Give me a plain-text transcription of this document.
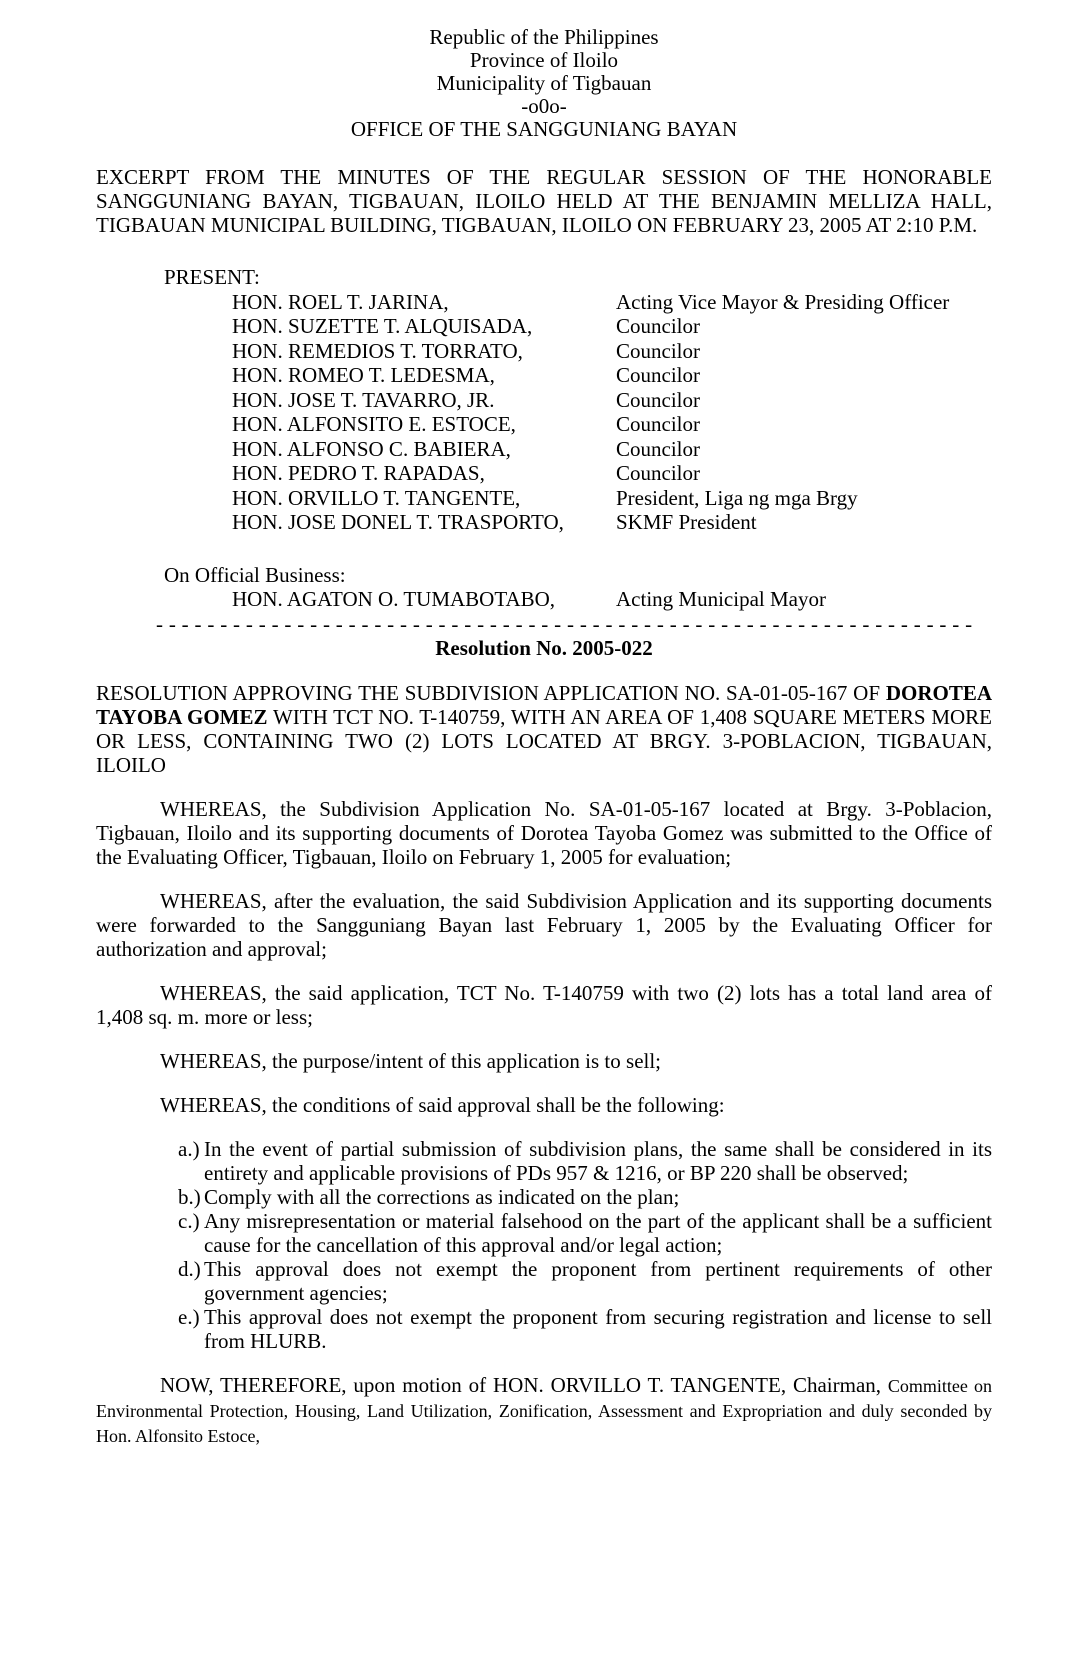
Republic of the Philippines
Province of Iloilo
Municipality of Tigbauan
-o0o-
OFFICE OF THE SANGGUNIANG BAYAN
EXCERPT FROM THE MINUTES OF THE REGULAR SESSION OF THE HONORABLE SANGGUNIANG BAYAN, TIGBAUAN, ILOILO HELD AT THE BENJAMIN MELLIZA HALL, TIGBAUAN MUNICIPAL BUILDING, TIGBAUAN, ILOILO ON FEBRUARY 23, 2005 AT 2:10 P.M.
PRESENT:
HON. ROEL T. JARINA,	Acting Vice Mayor & Presiding Officer
HON. SUZETTE T. ALQUISADA,	Councilor
HON. REMEDIOS T. TORRATO,	Councilor
HON. ROMEO T. LEDESMA,	Councilor
HON. JOSE T. TAVARRO, JR.	Councilor
HON. ALFONSITO E. ESTOCE,	Councilor
HON. ALFONSO C. BABIERA,	Councilor
HON. PEDRO T. RAPADAS,	Councilor
HON. ORVILLO T. TANGENTE,	President, Liga ng mga Brgy
HON. JOSE DONEL T. TRASPORTO,	SKMF President
On Official Business:
HON. AGATON O. TUMABOTABO,	Acting Municipal Mayor
- - - - - - - - - - - - - - - - - - - - - - - - - - - - - - - - - - - - - - - - - - - - - - - - - - - - - - - - - - - - - - - -
Resolution No. 2005-022
RESOLUTION APPROVING THE SUBDIVISION APPLICATION NO. SA-01-05-167 OF DOROTEA TAYOBA GOMEZ WITH TCT NO. T-140759, WITH AN AREA OF 1,408 SQUARE METERS MORE OR LESS, CONTAINING TWO (2) LOTS LOCATED AT BRGY. 3-POBLACION, TIGBAUAN, ILOILO
WHEREAS, the Subdivision Application No. SA-01-05-167 located at Brgy. 3-Poblacion, Tigbauan, Iloilo and its supporting documents of Dorotea Tayoba Gomez was submitted to the Office of the Evaluating Officer, Tigbauan, Iloilo on February 1, 2005 for evaluation;
WHEREAS, after the evaluation, the said Subdivision Application and its supporting documents were forwarded to the Sangguniang Bayan last February 1, 2005 by the Evaluating Officer for authorization and approval;
WHEREAS, the said application, TCT No. T-140759 with two (2) lots has a total land area of 1,408 sq. m. more or less;
WHEREAS, the purpose/intent of this application is to sell;
WHEREAS, the conditions of said approval shall be the following:
a.) In the event of partial submission of subdivision plans, the same shall be considered in its entirety and applicable provisions of PDs 957 & 1216, or BP 220 shall be observed;
b.) Comply with all the corrections as indicated on the plan;
c.) Any misrepresentation or material falsehood on the part of the applicant shall be a sufficient cause for the cancellation of this approval and/or legal action;
d.) This approval does not exempt the proponent from pertinent requirements of other government agencies;
e.) This approval does not exempt the proponent from securing registration and license to sell from HLURB.
NOW, THEREFORE, upon motion of HON. ORVILLO T. TANGENTE, Chairman, Committee on Environmental Protection, Housing, Land Utilization, Zonification, Assessment and Expropriation and duly seconded by Hon. Alfonsito Estoce,
